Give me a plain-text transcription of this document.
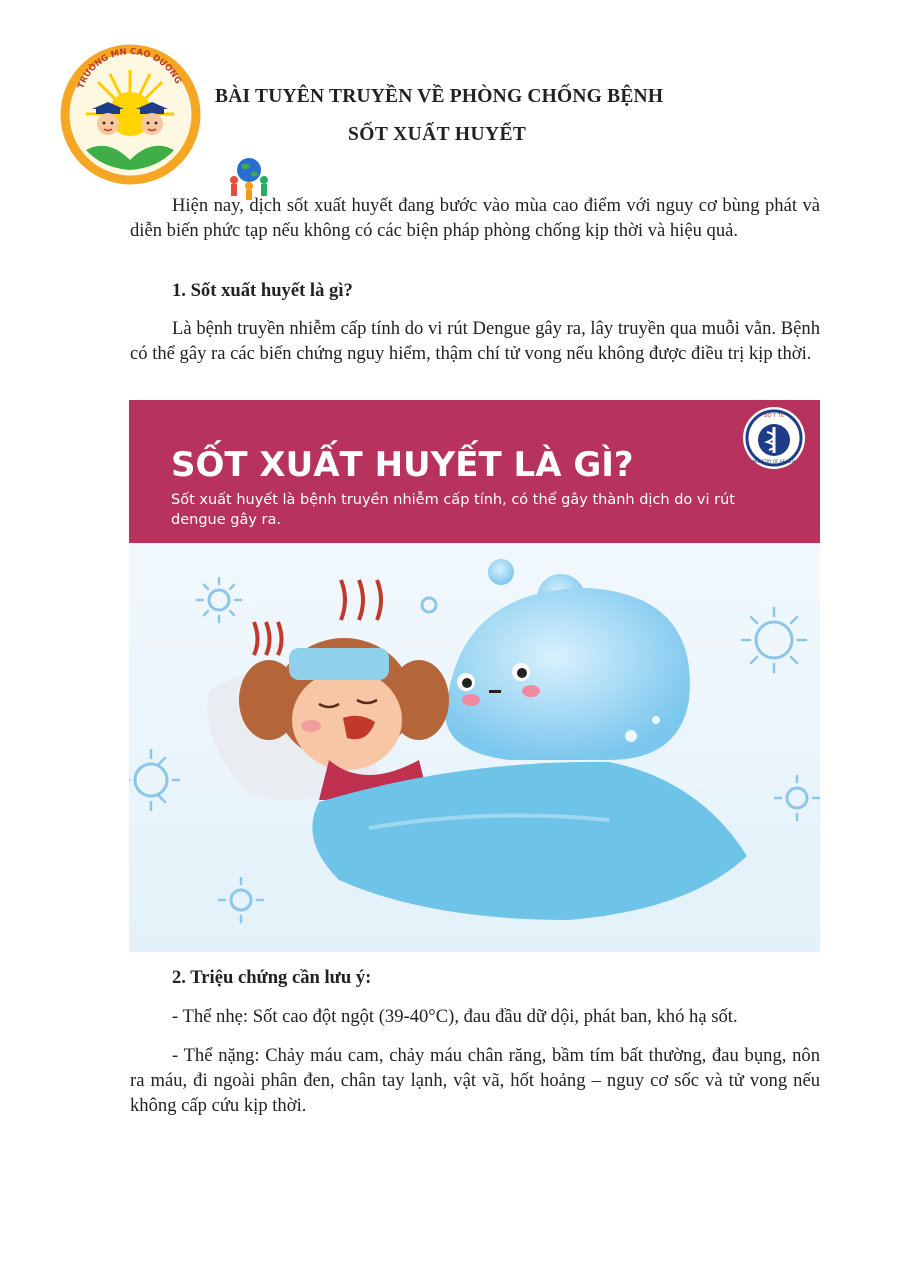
TRƯỜNG MN CAO DƯƠNG
BÀI TUYÊN TRUYỀN VỀ PHÒNG CHỐNG BỆNH
SỐT XUẤT HUYẾT

Hiện nay, dịch sốt xuất huyết đang bước vào mùa cao điểm với nguy cơ bùng phát và diễn biến phức tạp nếu không có các biện pháp phòng chống kịp thời và hiệu quả.

1. Sốt xuất huyết là gì?

Là bệnh truyền nhiễm cấp tính do vi rút Dengue gây ra, lây truyền qua muỗi vằn. Bệnh có thể gây ra các biến chứng nguy hiểm, thậm chí tử vong nếu không được điều trị kịp thời.

SỐT XUẤT HUYẾT LÀ GÌ?
Sốt xuất huyết là bệnh truyền nhiễm cấp tính, có thể gây thành dịch do vi rút
dengue gây ra.
BỘ Y TẾ
MINISTRY OF HEALTH

2. Triệu chứng cần lưu ý:

- Thể nhẹ: Sốt cao đột ngột (39-40°C), đau đầu dữ dội, phát ban, khó hạ sốt.

- Thể nặng: Chảy máu cam, chảy máu chân răng, bầm tím bất thường, đau bụng, nôn ra máu, đi ngoài phân đen, chân tay lạnh, vật vã, hốt hoảng – nguy cơ sốc và tử vong nếu không cấp cứu kịp thời.
